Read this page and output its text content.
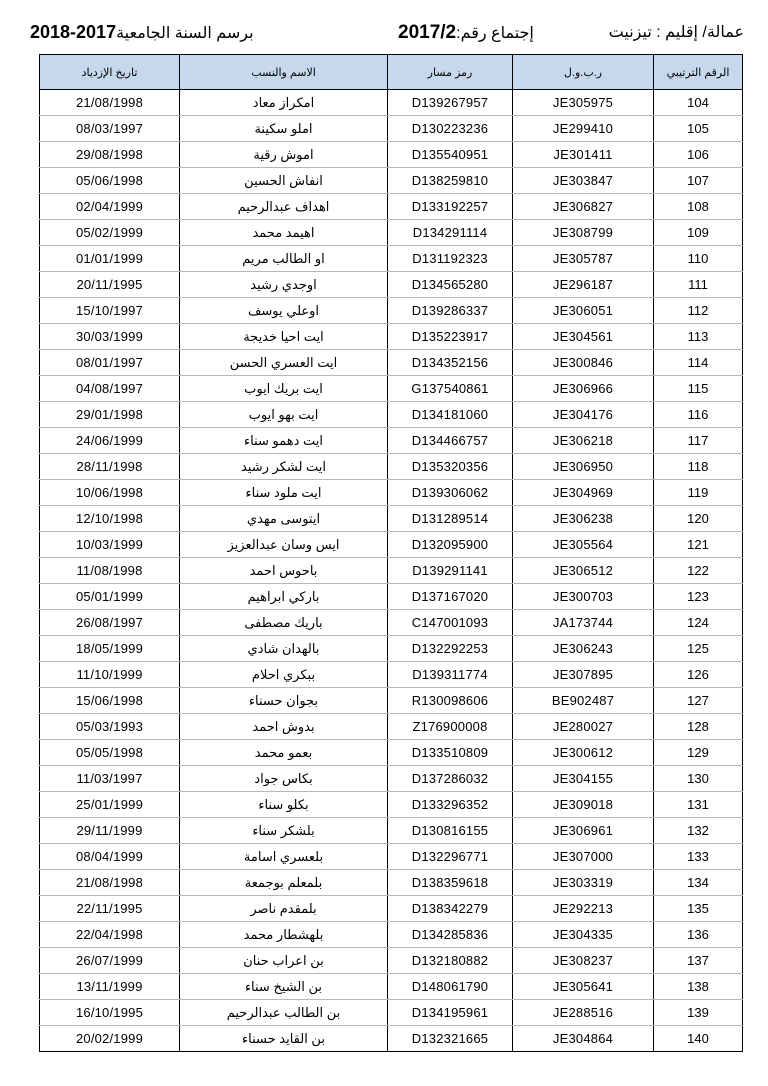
عمالة/ إقليم : تيزنيت
إجتماع رقم:2017/2
برسم السنة الجامعية2018-2017
الرقم الترتيبي	ر.ب.و.ل	رمز مسار	الاسم والنسب	تاريخ الإزدياد
104	JE305975	D139267957	امكراز معاد	21/08/1998
105	JE299410	D130223236	املو سكينة	08/03/1997
106	JE301411	D135540951	اموش رقية	29/08/1998
107	JE303847	D138259810	انفاش الحسين	05/06/1998
108	JE306827	D133192257	اهداف عبدالرحيم	02/04/1999
109	JE308799	D134291114	اهيمد محمد	05/02/1999
110	JE305787	D131192323	او الطالب مريم	01/01/1999
111	JE296187	D134565280	اوجدي رشيد	20/11/1995
112	JE306051	D139286337	اوعلي يوسف	15/10/1997
113	JE304561	D135223917	ايت احيا خديجة	30/03/1999
114	JE300846	D134352156	ايت العسري الحسن	08/01/1997
115	JE306966	G137540861	ايت بريك ايوب	04/08/1997
116	JE304176	D134181060	ايت بهو ايوب	29/01/1998
117	JE306218	D134466757	ايت دهمو سناء	24/06/1999
118	JE306950	D135320356	ايت لشكر رشيد	28/11/1998
119	JE304969	D139306062	ايت ملود سناء	10/06/1998
120	JE306238	D131289514	ايتوسى مهدي	12/10/1998
121	JE305564	D132095900	ايس وسان عبدالعزيز	10/03/1999
122	JE306512	D139291141	باحوس احمد	11/08/1998
123	JE300703	D137167020	باركي ابراهيم	05/01/1999
124	JA173744	C147001093	باريك مصطفى	26/08/1997
125	JE306243	D132292253	بالهدان شادي	18/05/1999
126	JE307895	D139311774	ببكري احلام	11/10/1999
127	BE902487	R130098606	بجوان حسناء	15/06/1998
128	JE280027	Z176900008	بدوش احمد	05/03/1993
129	JE300612	D133510809	بعمو محمد	05/05/1998
130	JE304155	D137286032	بكاس جواد	11/03/1997
131	JE309018	D133296352	بكلو سناء	25/01/1999
132	JE306961	D130816155	بلشكر سناء	29/11/1999
133	JE307000	D132296771	بلعسري اسامة	08/04/1999
134	JE303319	D138359618	بلمعلم بوجمعة	21/08/1998
135	JE292213	D138342279	بلمقدم ناصر	22/11/1995
136	JE304335	D134285836	بلهشطار محمد	22/04/1998
137	JE308237	D132180882	بن اعراب حنان	26/07/1999
138	JE305641	D148061790	بن الشيخ سناء	13/11/1999
139	JE288516	D134195961	بن الطالب عبدالرحيم	16/10/1995
140	JE304864	D132321665	بن القايد حسناء	20/02/1999
